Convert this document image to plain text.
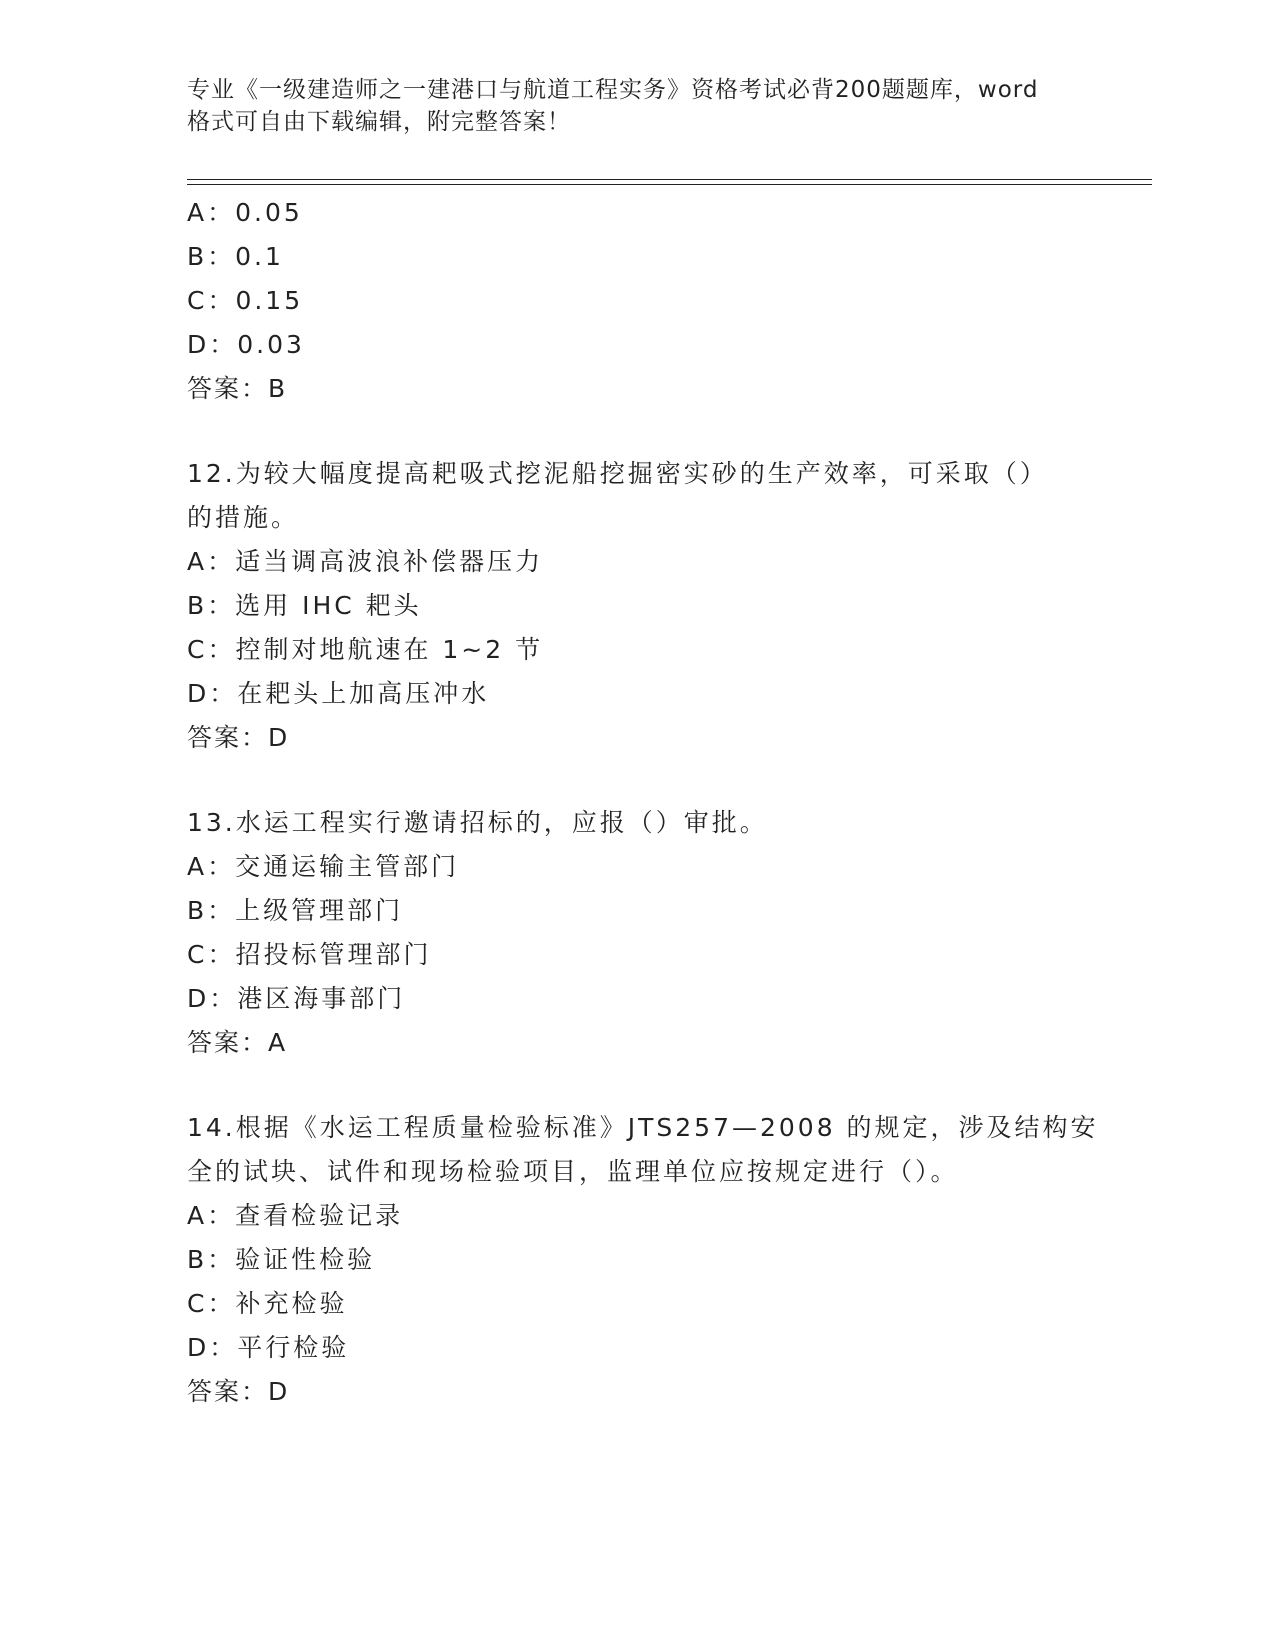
专业《一级建造师之一建港口与航道工程实务》资格考试必背200题题库，word
格式可自由下载编辑，附完整答案！
A：0.05
B：0.1
C：0.15
D：0.03
答案：B
12.为较大幅度提高耙吸式挖泥船挖掘密实砂的生产效率，可采取（）
的措施。
A：适当调高波浪补偿器压力
B：选用 IHC 耙头
C：控制对地航速在 1~2 节
D：在耙头上加高压冲水
答案：D
13.水运工程实行邀请招标的，应报（）审批。
A：交通运输主管部门
B：上级管理部门
C：招投标管理部门
D：港区海事部门
答案：A
14.根据《水运工程质量检验标准》JTS257—2008 的规定，涉及结构安
全的试块、试件和现场检验项目，监理单位应按规定进行（）。
A：查看检验记录
B：验证性检验
C：补充检验
D：平行检验
答案：D
